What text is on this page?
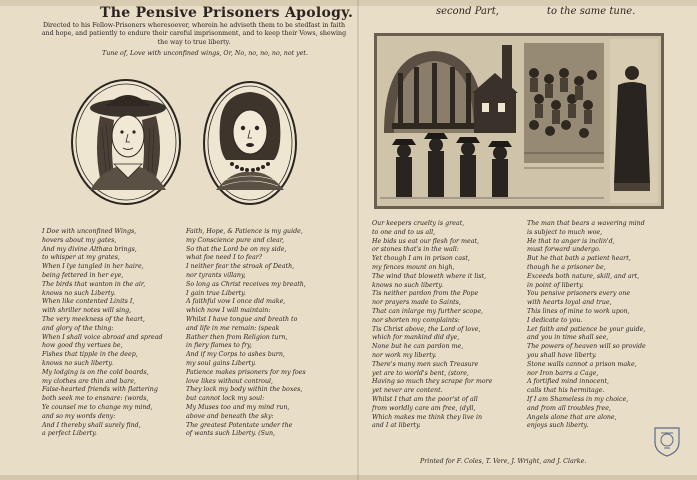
The Pensive Prisoners Apology.
Directed to his Fellow-Prisoners wheresoever, wherein he adviseth them to be stedfast in faith and hope, and patiently to endure their careful imprisonment, and to keep their Vows, shewing the way to true liberty.
Tune of, Love with unconfined wings, Or, No, no, no, no, not yet.
second Part,	to the same tune.
I Doe with unconfined Wings,
hovers about my gates,
And my divine Althæa brings,
to whisper at my grates,
When I lye tangled in her haire,
being fettered in her eye,
The birds that wanton in the air,
knows no such Liberty.
When like contented Linits I,
with shriller notes will sing,
The very meekness of the heart,
and glory of the thing:
When I shall voice abroad and spread
how good thy vertues be,
Fishes that tipple in the deep,
knows no such liberty.
My lodging is on the cold boards,
my clothes are thin and bare,
False-hearted friends with flattering
both seek me to ensnare: (words,
Ye counsel me to change my mind,
and so my words deny:
And I thereby shall surely find,
a perfect Liberty.
Faith, Hope, & Patience is my guide,
my Conscience pure and clear,
So that the Lord be on my side,
what foe need I to fear?
I neither fear the stroak of Death,
nor tyrants villany,
So long as Christ receives my breath,
I gain true Liberty.
A faithful vow I once did make,
which now I will maintain:
Whilst I have tongue and breath to
and life in me remain: (speak
Rather then from Religion turn,
in fiery flames to fry,
And if my Corps to ashes burn,
my soul gains Liberty.
Patience makes prisoners for my foes
love likes without controul,
They lock my body within the boxes,
but cannot lock my soul:
My Muses too and my mind run,
above and beneath the sky:
The greatest Potentate under the
of wants such Liberty. (Sun,
Our keepers cruelty is great,
to one and to us all,
He bids us eat our flesh for meat,
or stones that's in the wall:
Yet though I am in prison cast,
my fences mount on high,
The wind that bloweth where it list,
knows no such liberty.
Tis neither pardon from the Pope
nor prayers made to Saints,
That can inlarge my further scope,
nor shorten my complaints:
Tis Christ above, the Lord of love,
which for mankind did dye,
None but he can pardon me,
nor work my liberty.
There's many men such Treasure
yet are to world's bent, (store,
Having so much they scrape for more
yet never are content.
Whilst I that am the poor'st of all
from worldly care am free, (dyll,
Which makes me think they live in
and I at liberty.
The man that bears a wavering mind
is subject to much woe,
He that to anger is inclin'd,
must forward undergo.
But he that bath a patient heart,
though he a prisoner be,
Exceeds both nature, skill, and art,
in point of liberty.
You pensive prisoners every one
with hearts loyal and true,
This lines of mine to work upon,
I dedicate to you.
Let faith and patience be your guide,
and you in time shall see,
The powers of heaven will so provide
you shall have liberty.
Stone walls cannot a prison make,
nor Iron barrs a Cage,
A fortified mind innocent,
calls that his hermitage.
If I am Shameless in my choice,
and from all troubles free,
Angels alone that are alone,
enjoys such liberty.
Printed for F. Coles, T. Vere, J. Wright, and J. Clarke.
